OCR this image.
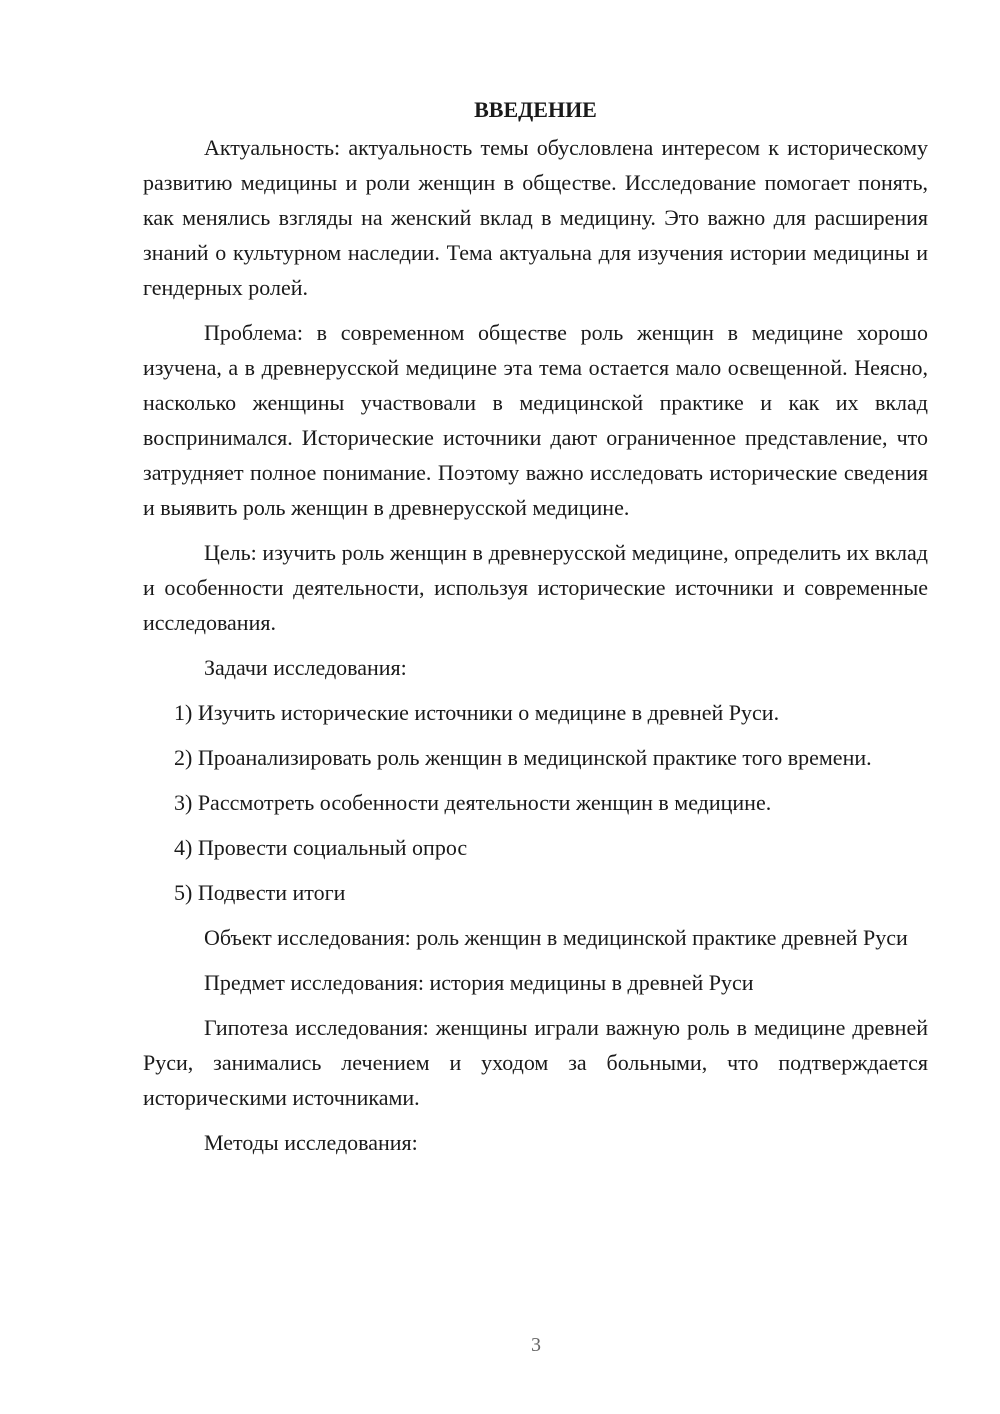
ВВЕДЕНИЕ
Актуальность: актуальность темы обусловлена интересом к историческому развитию медицины и роли женщин в обществе. Исследование помогает понять, как менялись взгляды на женский вклад в медицину. Это важно для расширения знаний о культурном наследии. Тема актуальна для изучения истории медицины и гендерных ролей.
Проблема: в современном обществе роль женщин в медицине хорошо изучена, а в древнерусской медицине эта тема остается мало освещенной. Неясно, насколько женщины участвовали в медицинской практике и как их вклад воспринимался. Исторические источники дают ограниченное представление, что затрудняет полное понимание. Поэтому важно исследовать исторические сведения и выявить роль женщин в древнерусской медицине.
Цель: изучить роль женщин в древнерусской медицине, определить их вклад и особенности деятельности, используя исторические источники и современные исследования.
Задачи исследования:
1) Изучить исторические источники о медицине в древней Руси.
2) Проанализировать роль женщин в медицинской практике того времени.
3) Рассмотреть особенности деятельности женщин в медицине.
4) Провести социальный опрос
5) Подвести итоги
Объект исследования: роль женщин в медицинской практике древней Руси
Предмет исследования: история медицины в древней Руси
Гипотеза исследования: женщины играли важную роль в медицине древней Руси, занимались лечением и уходом за больными, что подтверждается историческими источниками.
Методы исследования:
3
